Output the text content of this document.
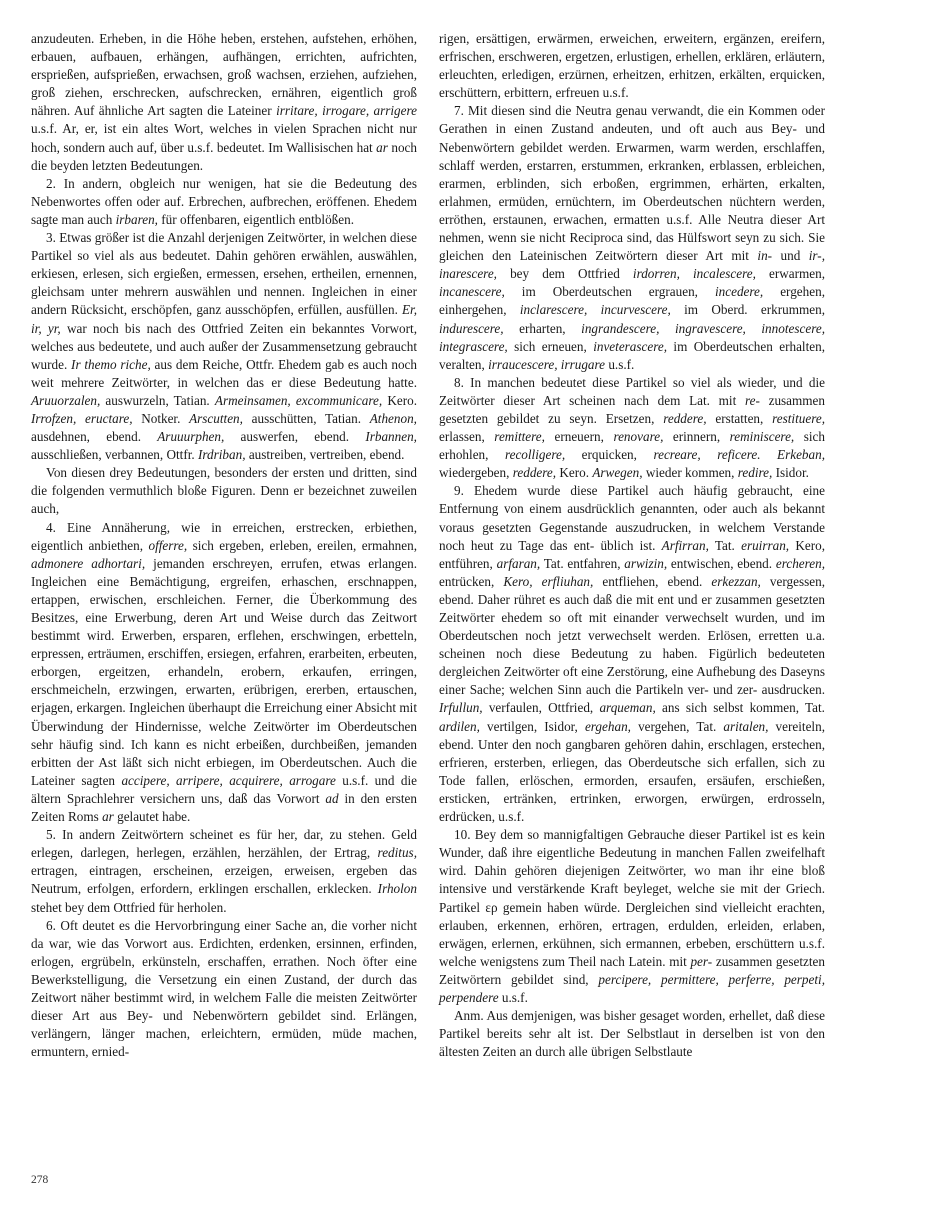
anzudeuten. Erheben, in die Höhe heben, erstehen, aufstehen, erhöhen, erbauen, aufbauen, erhängen, aufhängen, errichten, aufrichten, ersprießen, aufsprießen, erwachsen, groß wachsen, erziehen, aufziehen, groß ziehen, erschrecken, aufschrecken, ernähren, eigentlich groß nähren. Auf ähnliche Art sagten die Lateiner irritare, irrogare, arrigere u.s.f. Ar, er, ist ein altes Wort, welches in vielen Sprachen nicht nur hoch, sondern auch auf, über u.s.f. bedeutet. Im Wallisischen hat ar noch die beyden letzten Bedeutungen.

2. In andern, obgleich nur wenigen, hat sie die Bedeutung des Nebenwortes offen oder auf. Erbrechen, aufbrechen, eröffenen. Ehedem sagte man auch irbaren, für offenbaren, eigentlich entblößen.

3. Etwas größer ist die Anzahl derjenigen Zeitwörter, in welchen diese Partikel so viel als aus bedeutet. Dahin gehören erwählen, auswählen, erkiesen, erlesen, sich ergießen, ermessen, ersehen, ertheilen, ernennen, gleichsam unter mehrern auswählen und nennen. Ingleichen in einer andern Rücksicht, erschöpfen, ganz ausschöpfen, erfüllen, ausfüllen. Er, ir, yr, war noch bis nach des Ottfried Zeiten ein bekanntes Vorwort, welches aus bedeutete, und auch außer der Zusammensetzung gebraucht wurde. Ir themo riche, aus dem Reiche, Ottfr. Ehedem gab es auch noch weit mehrere Zeitwörter, in welchen das er diese Bedeutung hatte. Aruuorzalen, auswurzeln, Tatian. Armeinsamen, excommunicare, Kero. Irrofzen, eructare, Notker. Arscutten, ausschütten, Tatian. Athenon, ausdehnen, ebend. Aruuurphen, auswerfen, ebend. Irbannen, ausschließen, verbannen, Ottfr. Irdriban, austreiben, vertreiben, ebend.

Von diesen drey Bedeutungen, besonders der ersten und dritten, sind die folgenden vermuthlich bloße Figuren. Denn er bezeichnet zuweilen auch,

4. Eine Annäherung, wie in erreichen, erstrecken, erbiethen, eigentlich anbiethen, offerre, sich ergeben, erleben, ereilen, ermahnen, admonere adhortari, jemanden erschreyen, errufen, etwas erlangen. Ingleichen eine Bemächtigung, ergreifen, erhaschen, erschnappen, ertappen, erwischen, erschleichen. Ferner, die Überkommung des Besitzes, eine Erwerbung, deren Art und Weise durch das Zeitwort bestimmt wird. Erwerben, ersparen, erflehen, erschwingen, erbetteln, erpressen, erträumen, erschiffen, ersiegen, erfahren, erarbeiten, erbeuten, erborgen, ergeitzen, erhandeln, erobern, erkaufen, erringen, erschmeicheln, erzwingen, erwarten, erübrigen, ererben, ertauschen, erjagen, erkargen. Ingleichen überhaupt die Erreichung einer Absicht mit Überwindung der Hindernisse, welche Zeitwörter im Oberdeutschen sehr häufig sind. Ich kann es nicht erbeißen, durchbeißen, jemanden erbitten der Ast läßt sich nicht erbiegen, im Oberdeutschen. Auch die Lateiner sagten accipere, arripere, acquirere, arrogare u.s.f. und die ältern Sprachlehrer versichern uns, daß das Vorwort ad in den ersten Zeiten Roms ar gelautet habe.

5. In andern Zeitwörtern scheinet es für her, dar, zu stehen. Geld erlegen, darlegen, herlegen, erzählen, herzählen, der Ertrag, reditus, ertragen, eintragen, erscheinen, erzeigen, erweisen, ergeben das Neutrum, erfolgen, erfordern, erklingen erschallen, erklecken. Irholon stehet bey dem Ottfried für herholen.

6. Oft deutet es die Hervorbringung einer Sache an, die vorher nicht da war, wie das Vorwort aus. Erdichten, erdenken, ersinnen, erfinden, erlogen, ergrübeln, erkünsteln, erschaffen, errathen. Noch öfter eine Bewerkstelligung, die Versetzung ein einen Zustand, der durch das Zeitwort näher bestimmt wird, in welchem Falle die meisten Zeitwörter dieser Art aus Bey- und Nebenwörtern gebildet sind. Erlängen, verlängern, länger machen, erleichtern, ermüden, müde machen, ermuntern, ernied-

rigen, ersättigen, erwärmen, erweichen, erweitern, ergänzen, ereifern, erfrischen, erschweren, ergetzen, erlustigen, erhellen, erklären, erläutern, erleuchten, erledigen, erzürnen, erheitzen, erhitzen, erkälten, erquicken, erschüttern, erbittern, erfreuen u.s.f.

7. Mit diesen sind die Neutra genau verwandt, die ein Kommen oder Gerathen in einen Zustand andeuten, und oft auch aus Bey- und Nebenwörtern gebildet werden. Erwarmen, warm werden, erschlaffen, schlaff werden, erstarren, erstummen, erkranken, erblassen, erbleichen, erarmen, erblinden, sich erboßen, ergrimmen, erhärten, erkalten, erlahmen, ermüden, ernüchtern, im Oberdeutschen nüchtern werden, erröthen, erstaunen, erwachen, ermatten u.s.f. Alle Neutra dieser Art nehmen, wenn sie nicht Reciproca sind, das Hülfswort seyn zu sich. Sie gleichen den Lateinischen Zeitwörtern dieser Art mit in- und ir-, inarescere, bey dem Ottfried irdorren, incalescere, erwarmen, incanescere, im Oberdeutschen ergrauen, incedere, ergehen, einhergehen, inclarescere, incurvescere, im Oberd. erkrummen, indurescere, erharten, ingrandescere, ingravescere, innotescere, integrascere, sich erneuen, inveterascere, im Oberdeutschen erhalten, veralten, irraucescere, irrugare u.s.f.

8. In manchen bedeutet diese Partikel so viel als wieder, und die Zeitwörter dieser Art scheinen nach dem Lat. mit re- zusammen gesetzten gebildet zu seyn. Ersetzen, reddere, erstatten, restituere, erlassen, remittere, erneuern, renovare, erinnern, reminiscere, sich erhohlen, recolligere, erquicken, recreare, reficere. Erkeban, wiedergeben, reddere, Kero. Arwegen, wieder kommen, redire, Isidor.

9. Ehedem wurde diese Partikel auch häufig gebraucht, eine Entfernung von einem ausdrücklich genannten, oder auch als bekannt voraus gesetzten Gegenstande auszudrucken, in welchem Verstande noch heut zu Tage das ent- üblich ist. Arfirran, Tat. eruirran, Kero, entführen, arfaran, Tat. entfahren, arwizin, entwischen, ebend. ercheren, entrücken, Kero, erfliuhan, entfliehen, ebend. erkezzan, vergessen, ebend. Daher rühret es auch daß die mit ent und er zusammen gesetzten Zeitwörter ehedem so oft mit einander verwechselt wurden, und im Oberdeutschen noch jetzt verwechselt werden. Erlösen, erretten u.a. scheinen noch diese Bedeutung zu haben. Figürlich bedeuteten dergleichen Zeitwörter oft eine Zerstörung, eine Aufhebung des Daseyns einer Sache; welchen Sinn auch die Partikeln ver- und zer- ausdrucken. Irfullun, verfaulen, Ottfried, arqueman, ans sich selbst kommen, Tat. ardilen, vertilgen, Isidor, ergehan, vergehen, Tat. aritalen, vereiteln, ebend. Unter den noch gangbaren gehören dahin, erschlagen, erstechen, erfrieren, ersterben, erliegen, das Oberdeutsche sich erfallen, sich zu Tode fallen, erlöschen, ermorden, ersaufen, ersäufen, erschießen, ersticken, ertränken, ertrinken, erworgen, erwürgen, erdrosseln, erdrücken, u.s.f.

10. Bey dem so mannigfaltigen Gebrauche dieser Partikel ist es kein Wunder, daß ihre eigentliche Bedeutung in manchen Fallen zweifelhaft wird. Dahin gehören diejenigen Zeitwörter, wo man ihr eine bloß intensive und verstärkende Kraft beyleget, welche sie mit der Griech. Partikel ερ gemein haben würde. Dergleichen sind vielleicht erachten, erlauben, erkennen, erhören, ertragen, erdulden, erleiden, erlaben, erwägen, erlernen, erkühnen, sich ermannen, erbeben, erschüttern u.s.f. welche wenigstens zum Theil nach Latein. mit per- zusammen gesetzten Zeitwörtern gebildet sind, percipere, permittere, perferre, perpeti, perpendere u.s.f.

Anm. Aus demjenigen, was bisher gesaget worden, erhellet, daß diese Partikel bereits sehr alt ist. Der Selbstlaut in derselben ist von den ältesten Zeiten an durch alle übrigen Selbstlaute

278
